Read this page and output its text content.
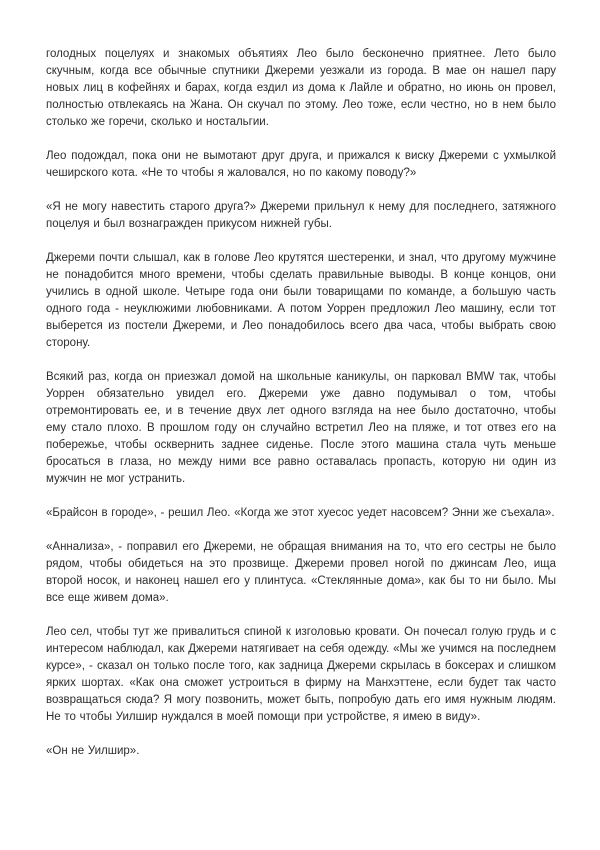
голодных поцелуях и знакомых объятиях Лео было бесконечно приятнее. Лето было скучным, когда все обычные спутники Джереми уезжали из города. В мае он нашел пару новых лиц в кофейнях и барах, когда ездил из дома к Лайле и обратно, но июнь он провел, полностью отвлекаясь на Жана. Он скучал по этому. Лео тоже, если честно, но в нем было столько же горечи, сколько и ностальгии.

Лео подождал, пока они не вымотают друг друга, и прижался к виску Джереми с ухмылкой чеширского кота. «Не то чтобы я жаловался, но по какому поводу?»

«Я не могу навестить старого друга?» Джереми прильнул к нему для последнего, затяжного поцелуя и был вознагражден прикусом нижней губы.

Джереми почти слышал, как в голове Лео крутятся шестеренки, и знал, что другому мужчине не понадобится много времени, чтобы сделать правильные выводы. В конце концов, они учились в одной школе. Четыре года они были товарищами по команде, а большую часть одного года - неуклюжими любовниками. А потом Уоррен предложил Лео машину, если тот выберется из постели Джереми, и Лео понадобилось всего два часа, чтобы выбрать свою сторону.

Всякий раз, когда он приезжал домой на школьные каникулы, он парковал BMW так, чтобы Уоррен обязательно увидел его. Джереми уже давно подумывал о том, чтобы отремонтировать ее, и в течение двух лет одного взгляда на нее было достаточно, чтобы ему стало плохо. В прошлом году он случайно встретил Лео на пляже, и тот отвез его на побережье, чтобы осквернить заднее сиденье. После этого машина стала чуть меньше бросаться в глаза, но между ними все равно оставалась пропасть, которую ни один из мужчин не мог устранить.

«Брайсон в городе», - решил Лео. «Когда же этот хуесос уедет насовсем? Энни же съехала».

«Аннализа», - поправил его Джереми, не обращая внимания на то, что его сестры не было рядом, чтобы обидеться на это прозвище. Джереми провел ногой по джинсам Лео, ища второй носок, и наконец нашел его у плинтуса. «Стеклянные дома», как бы то ни было. Мы все еще живем дома».

Лео сел, чтобы тут же привалиться спиной к изголовью кровати. Он почесал голую грудь и с интересом наблюдал, как Джереми натягивает на себя одежду. «Мы же учимся на последнем курсе», - сказал он только после того, как задница Джереми скрылась в боксерах и слишком ярких шортах. «Как она сможет устроиться в фирму на Манхэттене, если будет так часто возвращаться сюда? Я могу позвонить, может быть, попробую дать его имя нужным людям. Не то чтобы Уилшир нуждался в моей помощи при устройстве, я имею в виду».

«Он не Уилшир».
